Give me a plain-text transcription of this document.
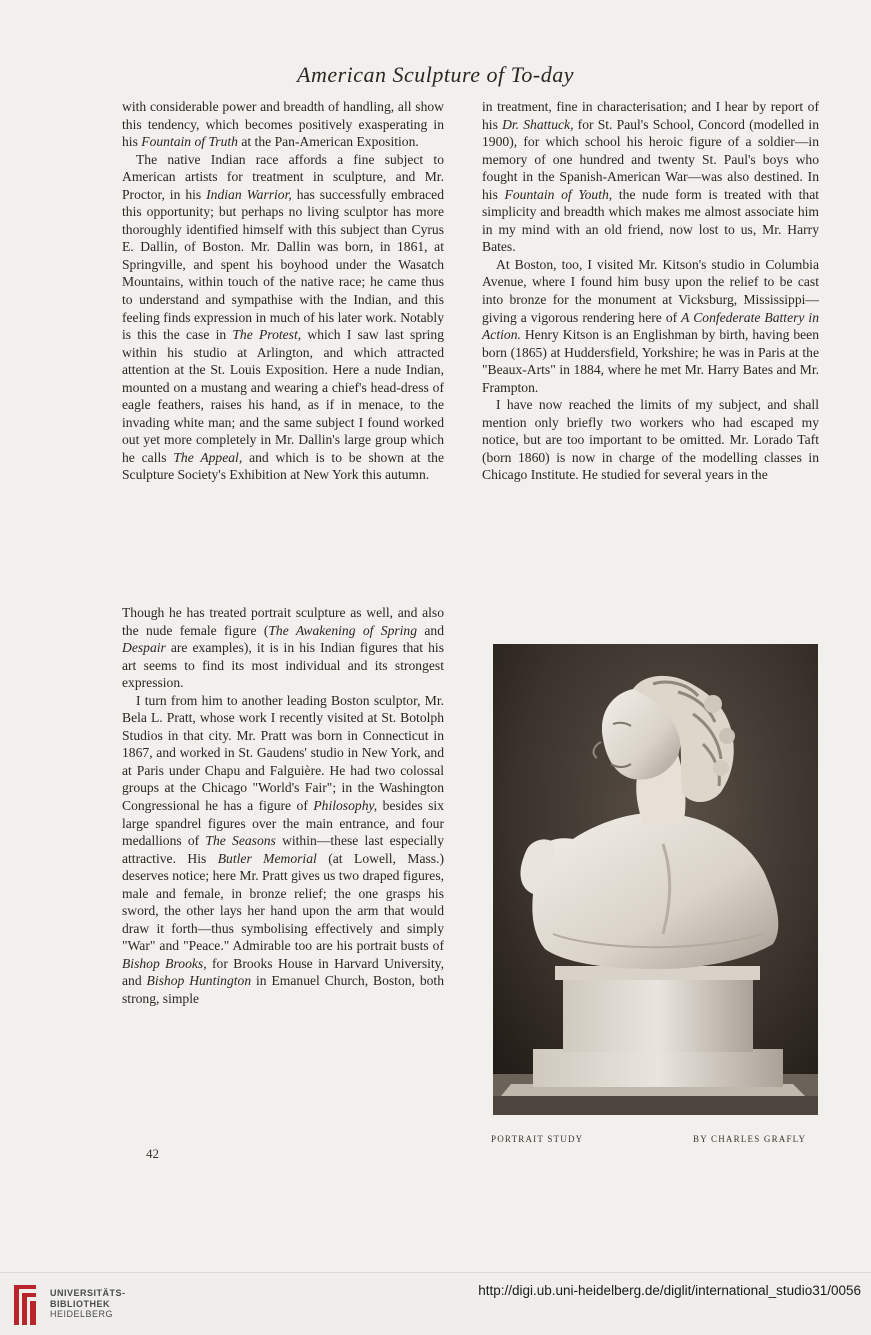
American Sculpture of To-day

with considerable power and breadth of handling, all show this tendency, which becomes positively exasperating in his Fountain of Truth at the Pan-American Exposition.

The native Indian race affords a fine subject to American artists for treatment in sculpture, and Mr. Proctor, in his Indian Warrior, has successfully embraced this opportunity; but perhaps no living sculptor has more thoroughly identified himself with this subject than Cyrus E. Dallin, of Boston. Mr. Dallin was born, in 1861, at Springville, and spent his boyhood under the Wasatch Mountains, within touch of the native race; he came thus to understand and sympathise with the Indian, and this feeling finds expression in much of his later work. Notably is this the case in The Protest, which I saw last spring within his studio at Arlington, and which attracted attention at the St. Louis Exposition. Here a nude Indian, mounted on a mustang and wearing a chief's head-dress of eagle feathers, raises his hand, as if in menace, to the invading white man; and the same subject I found worked out yet more completely in Mr. Dallin's large group which he calls The Appeal, and which is to be shown at the Sculpture Society's Exhibition at New York this autumn.

Though he has treated portrait sculpture as well, and also the nude female figure (The Awakening of Spring and Despair are examples), it is in his Indian figures that his art seems to find its most individual and its strongest expression.

I turn from him to another leading Boston sculptor, Mr. Bela L. Pratt, whose work I recently visited at St. Botolph Studios in that city. Mr. Pratt was born in Connecticut in 1867, and worked in St. Gaudens' studio in New York, and at Paris under Chapu and Falguière. He had two colossal groups at the Chicago "World's Fair"; in the Washington Congressional he has a figure of Philosophy, besides six large spandrel figures over the main entrance, and four medallions of The Seasons within—these last especially attractive. His Butler Memorial (at Lowell, Mass.) deserves notice; here Mr. Pratt gives us two draped figures, male and female, in bronze relief; the one grasps his sword, the other lays her hand upon the arm that would draw it forth—thus symbolising effectively and simply "War" and "Peace." Admirable too are his portrait busts of Bishop Brooks, for Brooks House in Harvard University, and Bishop Huntington in Emanuel Church, Boston, both strong, simple

in treatment, fine in characterisation; and I hear by report of his Dr. Shattuck, for St. Paul's School, Concord (modelled in 1900), for which school his heroic figure of a soldier—in memory of one hundred and twenty St. Paul's boys who fought in the Spanish-American War—was also destined. In his Fountain of Youth, the nude form is treated with that simplicity and breadth which makes me almost associate him in my mind with an old friend, now lost to us, Mr. Harry Bates.

At Boston, too, I visited Mr. Kitson's studio in Columbia Avenue, where I found him busy upon the relief to be cast into bronze for the monument at Vicksburg, Mississippi—giving a vigorous rendering here of A Confederate Battery in Action. Henry Kitson is an Englishman by birth, having been born (1865) at Huddersfield, Yorkshire; he was in Paris at the "Beaux-Arts" in 1884, where he met Mr. Harry Bates and Mr. Frampton.

I have now reached the limits of my subject, and shall mention only briefly two workers who had escaped my notice, but are too important to be omitted. Mr. Lorado Taft (born 1860) is now in charge of the modelling classes in Chicago Institute. He studied for several years in the

PORTRAIT STUDY	BY CHARLES GRAFLY
42
UNIVERSITÄTS-
BIBLIOTHEK
HEIDELBERG
http://digi.ub.uni-heidelberg.de/diglit/international_studio31/0056
